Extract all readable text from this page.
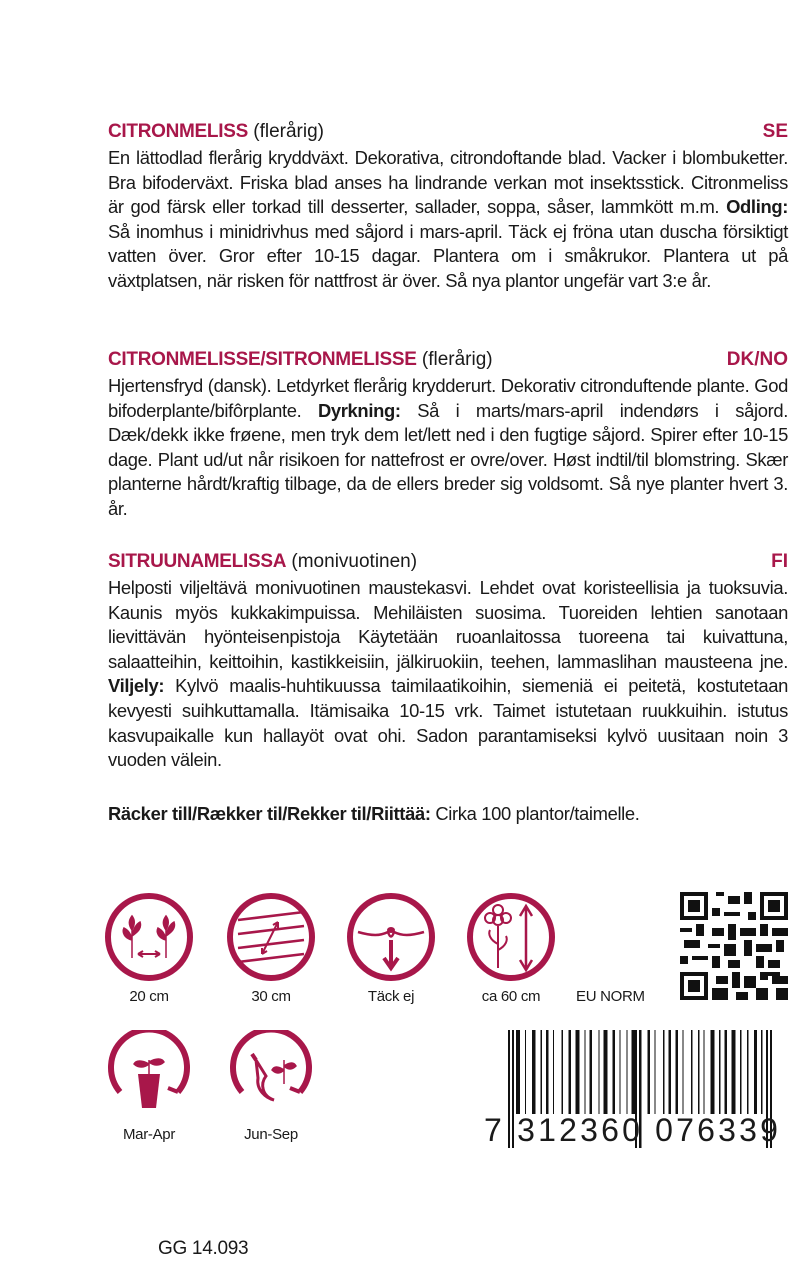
CITRONMELISS (flerårig)	SE

En lättodlad flerårig kryddväxt. Dekorativa, citrondoftande blad. Vacker i blombuketter. Bra bifoderväxt. Friska blad anses ha lindrande verkan mot insektsstick. Citronmeliss är god färsk eller torkad till desserter, sallader, soppa, såser, lammkött m.m. Odling: Så inomhus i minidrivhus med såjord i mars-april. Täck ej fröna utan duscha försiktigt vatten över. Gror efter 10-15 dagar. Plantera om i småkrukor. Plantera ut på växtplatsen, när risken för nattfrost är över. Så nya plantor ungefär vart 3:e år.

CITRONMELISSE/SITRONMELISSE (flerårig)	DK/NO

Hjertensfryd (dansk). Letdyrket flerårig krydderurt. Dekorativ citronduftende plante. God bifoderplante/bifôrplante. Dyrkning: Så i marts/mars-april indendørs i såjord. Dæk/dekk ikke frøene, men tryk dem let/lett ned i den fugtige såjord. Spirer efter 10-15 dage. Plant ud/ut når risikoen for nattefrost er ovre/over. Høst indtil/til blomstring. Skær planterne hårdt/kraftig tilbage, da de ellers breder sig voldsomt. Så nye planter hvert 3. år.

SITRUUNAMELISSA (monivuotinen)	FI

Helposti viljeltävä monivuotinen maustekasvi. Lehdet ovat koristeellisia ja tuoksuvia. Kaunis myös kukkakimpuissa. Mehiläisten suosima. Tuoreiden lehtien sanotaan lievittävän hyönteisenpistoja Käytetään ruoanlaitossa tuoreena tai kuivattuna, salaatteihin, keittoihin, kastikkeisiin, jälkiruokiin, teehen, lammaslihan mausteena jne. Viljely: Kylvö maalis-huhtikuussa taimilaatikoihin, siemeniä ei peitetä, kostutetaan kevyesti suihkuttamalla. Itämisaika 10-15 vrk. Taimet istutetaan ruukkuihin. istutus kasvupaikalle kun hallayöt ovat ohi. Sadon parantamiseksi kylvö uusitaan noin 3 vuoden välein.

Räcker till/Rækker til/Rekker til/Riittää: Cirka 100 plantor/taimelle.
20 cm	30 cm	Täck ej	ca 60 cm	EU NORM
Mar-Apr	Jun-Sep	7 312360 076339
GG 14.093
